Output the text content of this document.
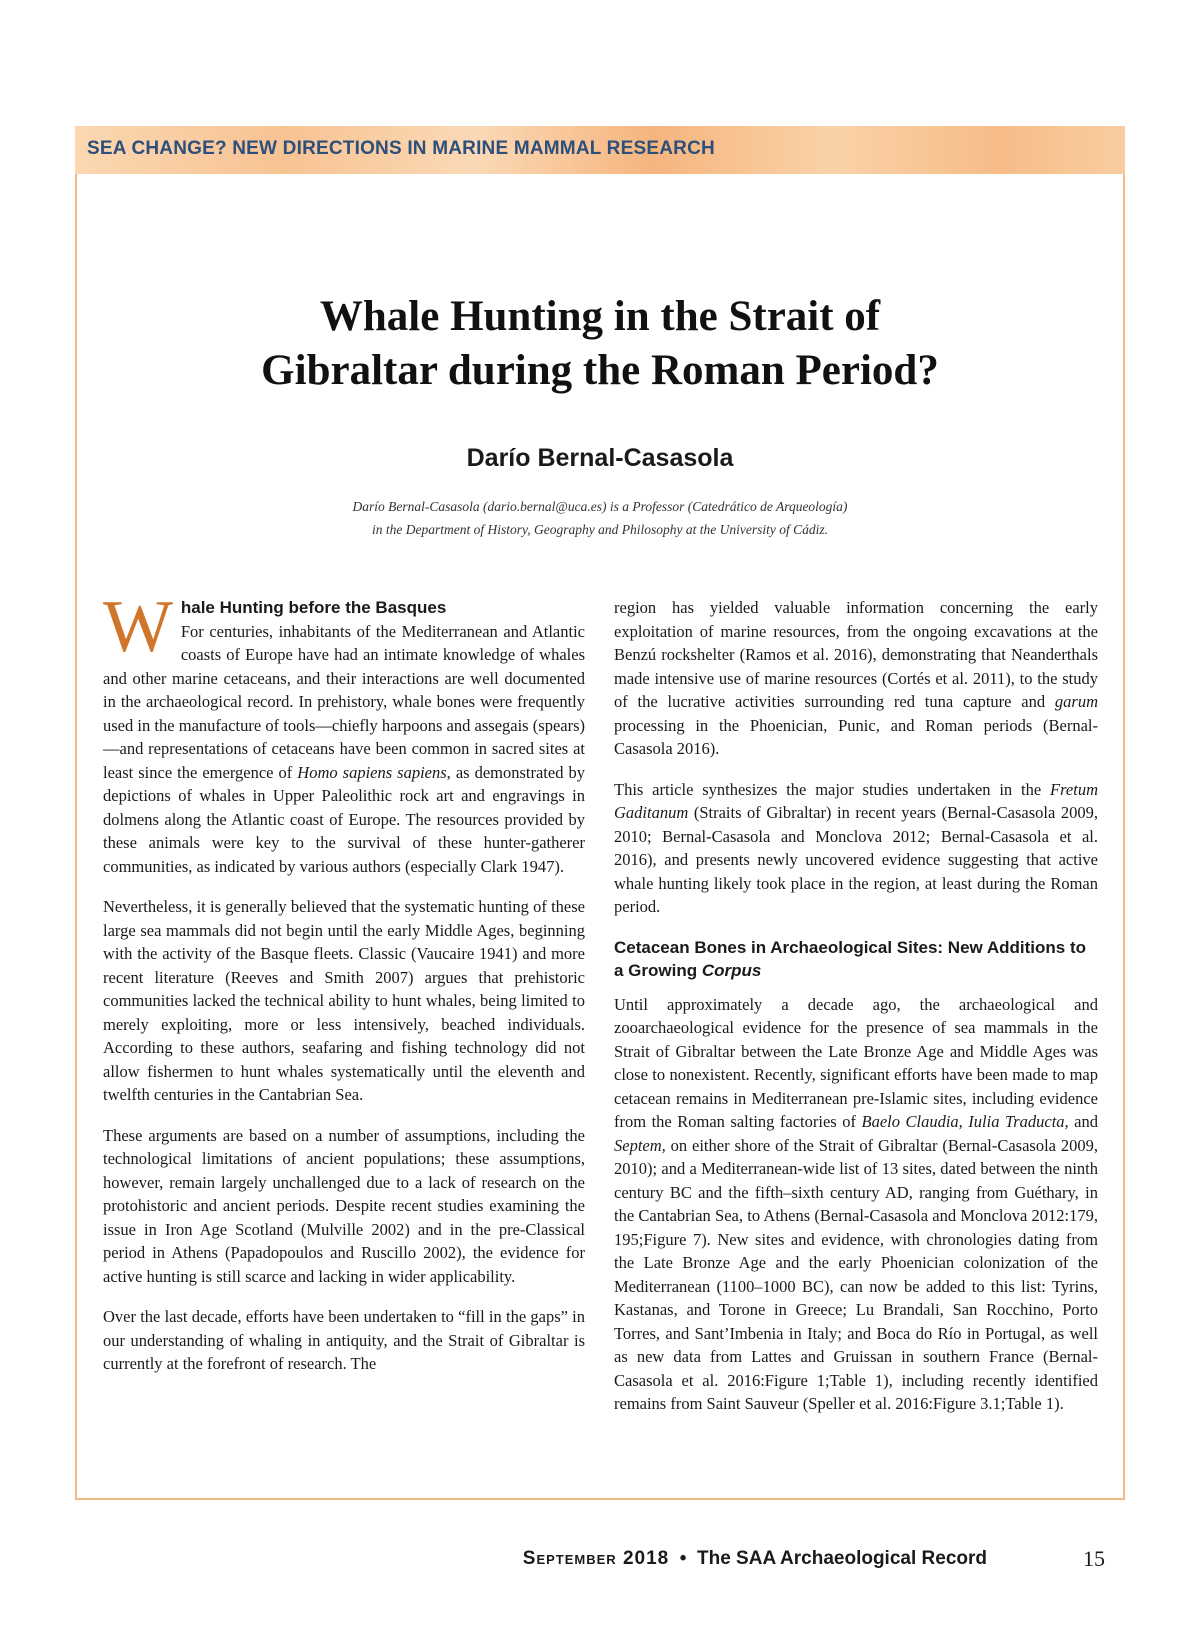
SEA CHANGE? NEW DIRECTIONS IN MARINE MAMMAL RESEARCH
Whale Hunting in the Strait of
Gibraltar during the Roman Period?
Darío Bernal-Casasola
Darío Bernal-Casasola (dario.bernal@uca.es) is a Professor (Catedrático de Arqueología)
in the Department of History, Geography and Philosophy at the University of Cádiz.
W hale Hunting before the Basques

For centuries, inhabitants of the Mediterranean and Atlantic coasts of Europe have had an intimate knowledge of whales and other marine cetaceans, and their interactions are well documented in the archaeological record. In prehistory, whale bones were frequently used in the manufacture of tools—chiefly harpoons and assegais (spears)—and representations of cetaceans have been common in sacred sites at least since the emergence of Homo sapiens sapiens, as demonstrated by depictions of whales in Upper Paleolithic rock art and engravings in dolmens along the Atlantic coast of Europe. The resources provided by these animals were key to the survival of these hunter-gatherer communities, as indicated by various authors (especially Clark 1947).

Nevertheless, it is generally believed that the systematic hunting of these large sea mammals did not begin until the early Middle Ages, beginning with the activity of the Basque fleets. Classic (Vaucaire 1941) and more recent literature (Reeves and Smith 2007) argues that prehistoric communities lacked the technical ability to hunt whales, being limited to merely exploiting, more or less intensively, beached individuals. According to these authors, seafaring and fishing technology did not allow fishermen to hunt whales systematically until the eleventh and twelfth centuries in the Cantabrian Sea.

These arguments are based on a number of assumptions, including the technological limitations of ancient populations; these assumptions, however, remain largely unchallenged due to a lack of research on the protohistoric and ancient periods. Despite recent studies examining the issue in Iron Age Scotland (Mulville 2002) and in the pre-Classical period in Athens (Papadopoulos and Ruscillo 2002), the evidence for active hunting is still scarce and lacking in wider applicability.

Over the last decade, efforts have been undertaken to “fill in the gaps” in our understanding of whaling in antiquity, and the Strait of Gibraltar is currently at the forefront of research. The

region has yielded valuable information concerning the early exploitation of marine resources, from the ongoing excavations at the Benzú rockshelter (Ramos et al. 2016), demonstrating that Neanderthals made intensive use of marine resources (Cortés et al. 2011), to the study of the lucrative activities surrounding red tuna capture and garum processing in the Phoenician, Punic, and Roman periods (Bernal-Casasola 2016).

This article synthesizes the major studies undertaken in the Fretum Gaditanum (Straits of Gibraltar) in recent years (Bernal-Casasola 2009, 2010; Bernal-Casasola and Monclova 2012; Bernal-Casasola et al. 2016), and presents newly uncovered evidence suggesting that active whale hunting likely took place in the region, at least during the Roman period.

Cetacean Bones in Archaeological Sites: New Additions to a Growing Corpus

Until approximately a decade ago, the archaeological and zooarchaeological evidence for the presence of sea mammals in the Strait of Gibraltar between the Late Bronze Age and Middle Ages was close to nonexistent. Recently, significant efforts have been made to map cetacean remains in Mediterranean pre-Islamic sites, including evidence from the Roman salting factories of Baelo Claudia, Iulia Traducta, and Septem, on either shore of the Strait of Gibraltar (Bernal-Casasola 2009, 2010); and a Mediterranean-wide list of 13 sites, dated between the ninth century BC and the fifth–sixth century AD, ranging from Guéthary, in the Cantabrian Sea, to Athens (Bernal-Casasola and Monclova 2012:179, 195;Figure 7). New sites and evidence, with chronologies dating from the Late Bronze Age and the early Phoenician colonization of the Mediterranean (1100–1000 BC), can now be added to this list: Tyrins, Kastanas, and Torone in Greece; Lu Brandali, San Rocchino, Porto Torres, and Sant’Imbenia in Italy; and Boca do Río in Portugal, as well as new data from Lattes and Gruissan in southern France (Bernal-Casasola et al. 2016:Figure 1;Table 1), including recently identified remains from Saint Sauveur (Speller et al. 2016:Figure 3.1;Table 1).

September 2018 • The SAA Archaeological Record	15
